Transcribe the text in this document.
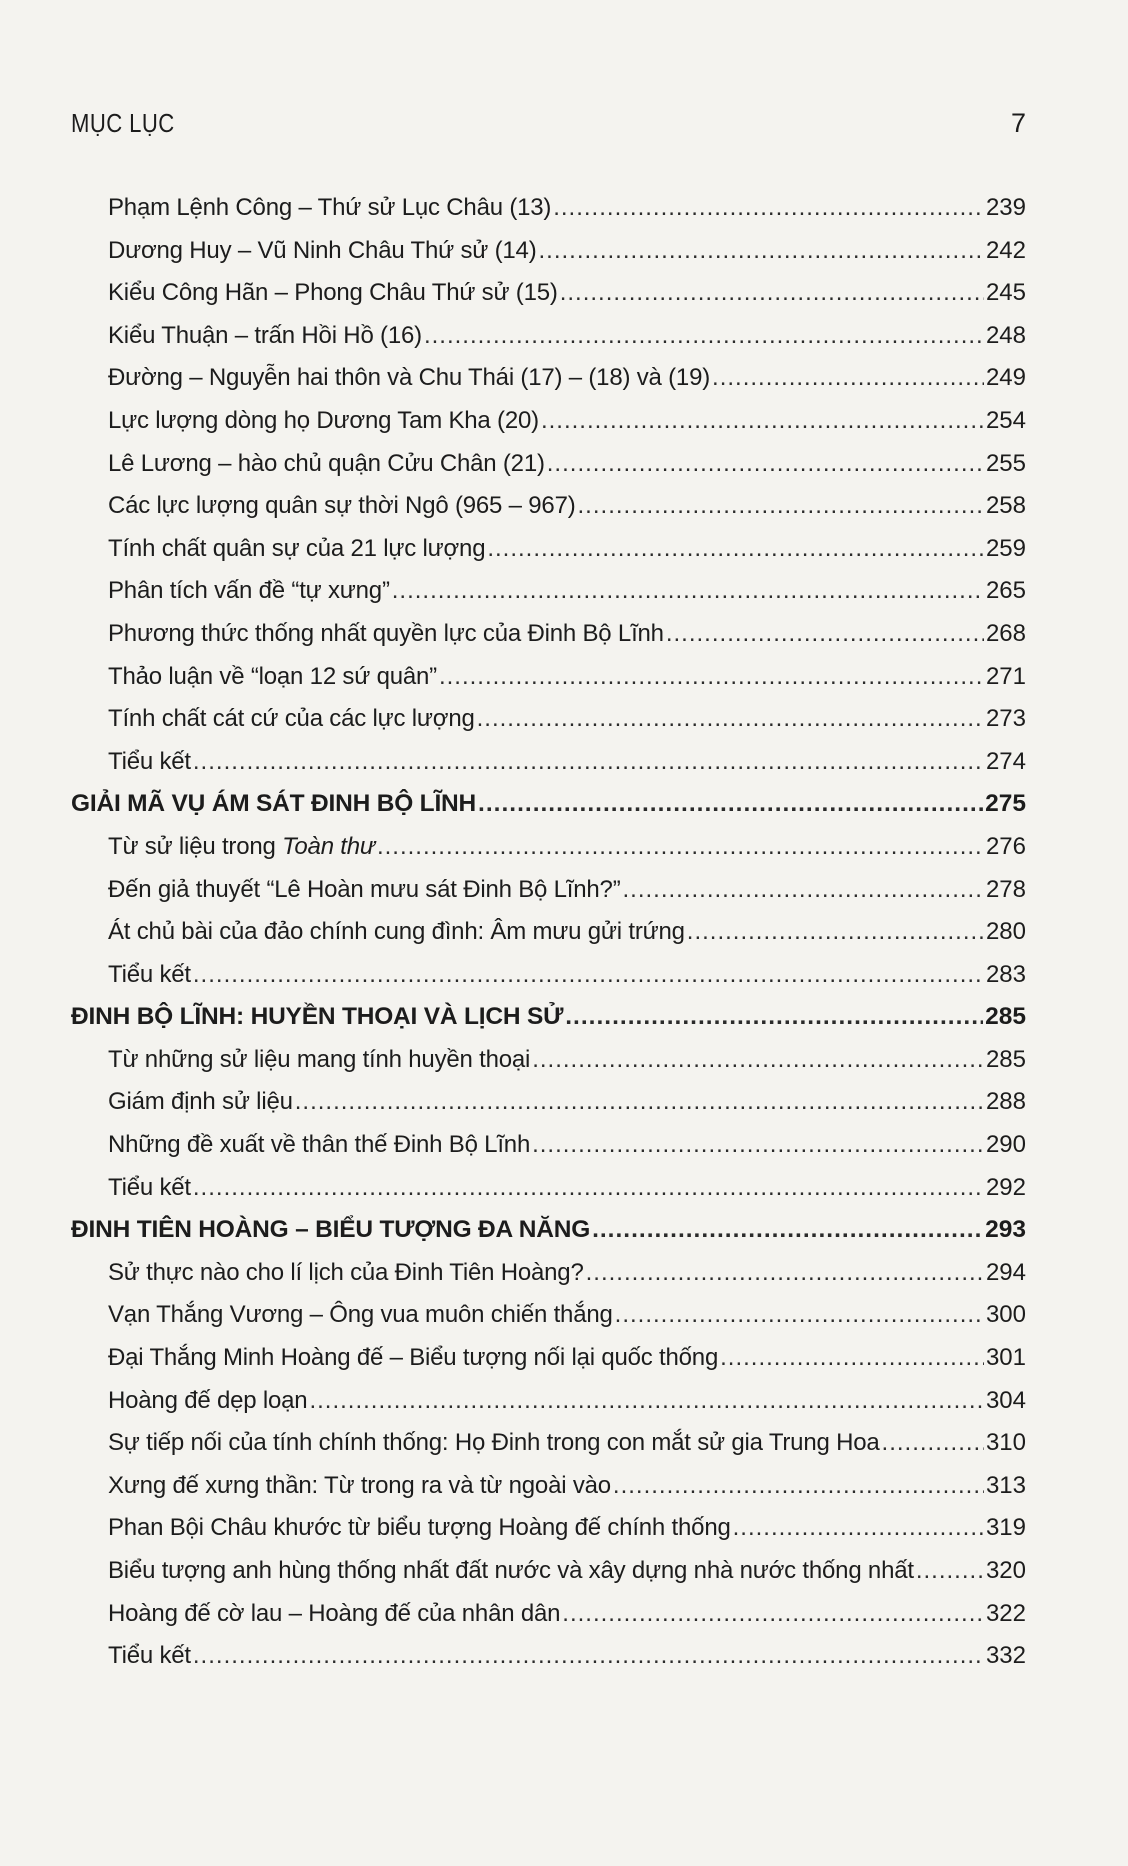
MỤC LỤC	7
Phạm Lệnh Công – Thứ sử Lục Châu (13) .....	239
Dương Huy – Vũ Ninh Châu Thứ sử (14) .....	242
Kiểu Công Hãn – Phong Châu Thứ sử (15) .....	245
Kiểu Thuận – trấn Hồi Hồ (16) .....	248
Đường – Nguyễn hai thôn và Chu Thái (17) – (18) và (19) .....	249
Lực lượng dòng họ Dương Tam Kha (20) .....	254
Lê Lương – hào chủ quận Cửu Chân (21) .....	255
Các lực lượng quân sự thời Ngô (965 – 967) .....	258
Tính chất quân sự của 21 lực lượng .....	259
Phân tích vấn đề “tự xưng” .....	265
Phương thức thống nhất quyền lực của Đinh Bộ Lĩnh .....	268
Thảo luận về “loạn 12 sứ quân” .....	271
Tính chất cát cứ của các lực lượng .....	273
Tiểu kết .....	274
GIẢI MÃ VỤ ÁM SÁT ĐINH BỘ LĨNH .....	275
Từ sử liệu trong Toàn thư .....	276
Đến giả thuyết “Lê Hoàn mưu sát Đinh Bộ Lĩnh?” .....	278
Át chủ bài của đảo chính cung đình: Âm mưu gửi trứng .....	280
Tiểu kết .....	283
ĐINH BỘ LĨNH: HUYỀN THOẠI VÀ LỊCH SỬ .....	285
Từ những sử liệu mang tính huyền thoại .....	285
Giám định sử liệu .....	288
Những đề xuất về thân thế Đinh Bộ Lĩnh .....	290
Tiểu kết .....	292
ĐINH TIÊN HOÀNG – BIỂU TƯỢNG ĐA NĂNG .....	293
Sử thực nào cho lí lịch của Đinh Tiên Hoàng? .....	294
Vạn Thắng Vương – Ông vua muôn chiến thắng .....	300
Đại Thắng Minh Hoàng đế – Biểu tượng nối lại quốc thống .....	301
Hoàng đế dẹp loạn .....	304
Sự tiếp nối của tính chính thống: Họ Đinh trong con mắt sử gia Trung Hoa .....	310
Xưng đế xưng thần: Từ trong ra và từ ngoài vào .....	313
Phan Bội Châu khước từ biểu tượng Hoàng đế chính thống .....	319
Biểu tượng anh hùng thống nhất đất nước và xây dựng nhà nước thống nhất .....	320
Hoàng đế cờ lau – Hoàng đế của nhân dân .....	322
Tiểu kết .....	332
